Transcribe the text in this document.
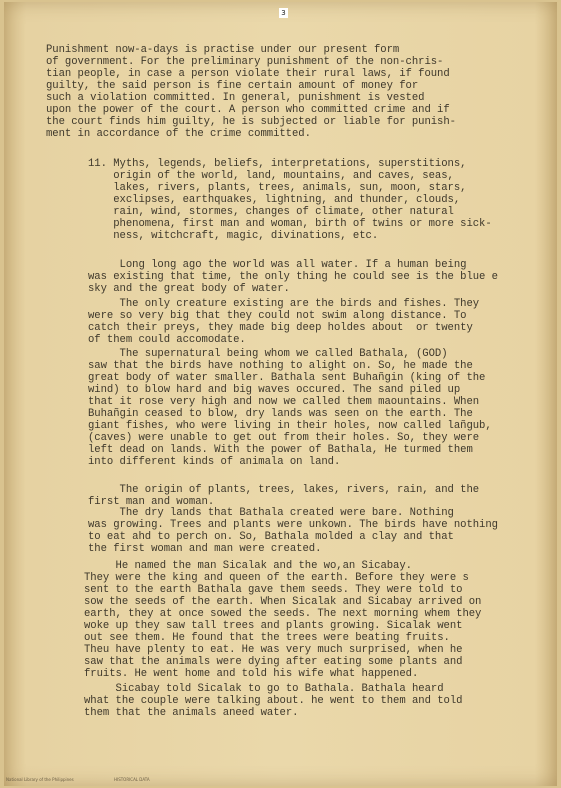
3

Punishment now-a-days is practise under our present form

of government. For the preliminary punishment of the non-chris-

tian people, in case a person violate their rural laws, if found

guilty, the said person is fine certain amount of money for

such a violation committed. In general, punishment is vested

upon the power of the court. A person who committed crime and if

the court finds him guilty, he is subjected or liable for punish-

ment in accordance of the crime committed.

11. Myths, legends, beliefs, interpretations, superstitions,

origin of the world, land, mountains, and caves, seas,

lakes, rivers, plants, trees, animals, sun, moon, stars,

exclipses, earthquakes, lightning, and thunder, clouds,

rain, wind, stormes, changes of climate, other natural

phenomena, first man and woman, birth of twins or more sick-

ness, witchcraft, magic, divinations, etc.

Long long ago the world was all water. If a human being

was existing that time, the only thing he could see is the blue e

sky and the great body of water.

The only creature existing are the birds and fishes. They

were so very big that they could not swim along distance. To

catch their preys, they made big deep holdes about  or twenty

of them could accomodate.

The supernatural being whom we called Bathala, (GOD)

saw that the birds have nothing to alight on. So, he made the

great body of water smaller. Bathala sent Buhañgin (king of the

wind) to blow hard and big waves occured. The sand piled up

that it rose very high and now we called them maountains. When

Buhañgin ceased to blow, dry lands was seen on the earth. The

giant fishes, who were living in their holes, now called lañgub,

(caves) were unable to get out from their holes. So, they were

left dead on lands. With the power of Bathala, He turmed them

into different kinds of animala on land.

The origin of plants, trees, lakes, rivers, rain, and the

first man and woman.

The dry lands that Bathala created were bare. Nothing

was growing. Trees and plants were unkown. The birds have nothing

to eat ahd to perch on. So, Bathala molded a clay and that

the first woman and man were created.

He named the man Sicalak and the wo,an Sicabay.

They were the king and queen of the earth. Before they were s

sent to the earth Bathala gave them seeds. They were told to

sow the seeds of the earth. When Sicalak and Sicabay arrived on

earth, they at once sowed the seeds. The next morning whem they

woke up they saw tall trees and plants growing. Sicalak went

out see them. He found that the trees were beating fruits.

Theu have plenty to eat. He was very much surprised, when he

saw that the animals were dying after eating some plants and

fruits. He went home and told his wife what happened.

Sicabay told Sicalak to go to Bathala. Bathala heard

what the couple were talking about. he went to them and told

them that the animals aneed water.

National Library of the Philippines	HISTORICAL DATA
